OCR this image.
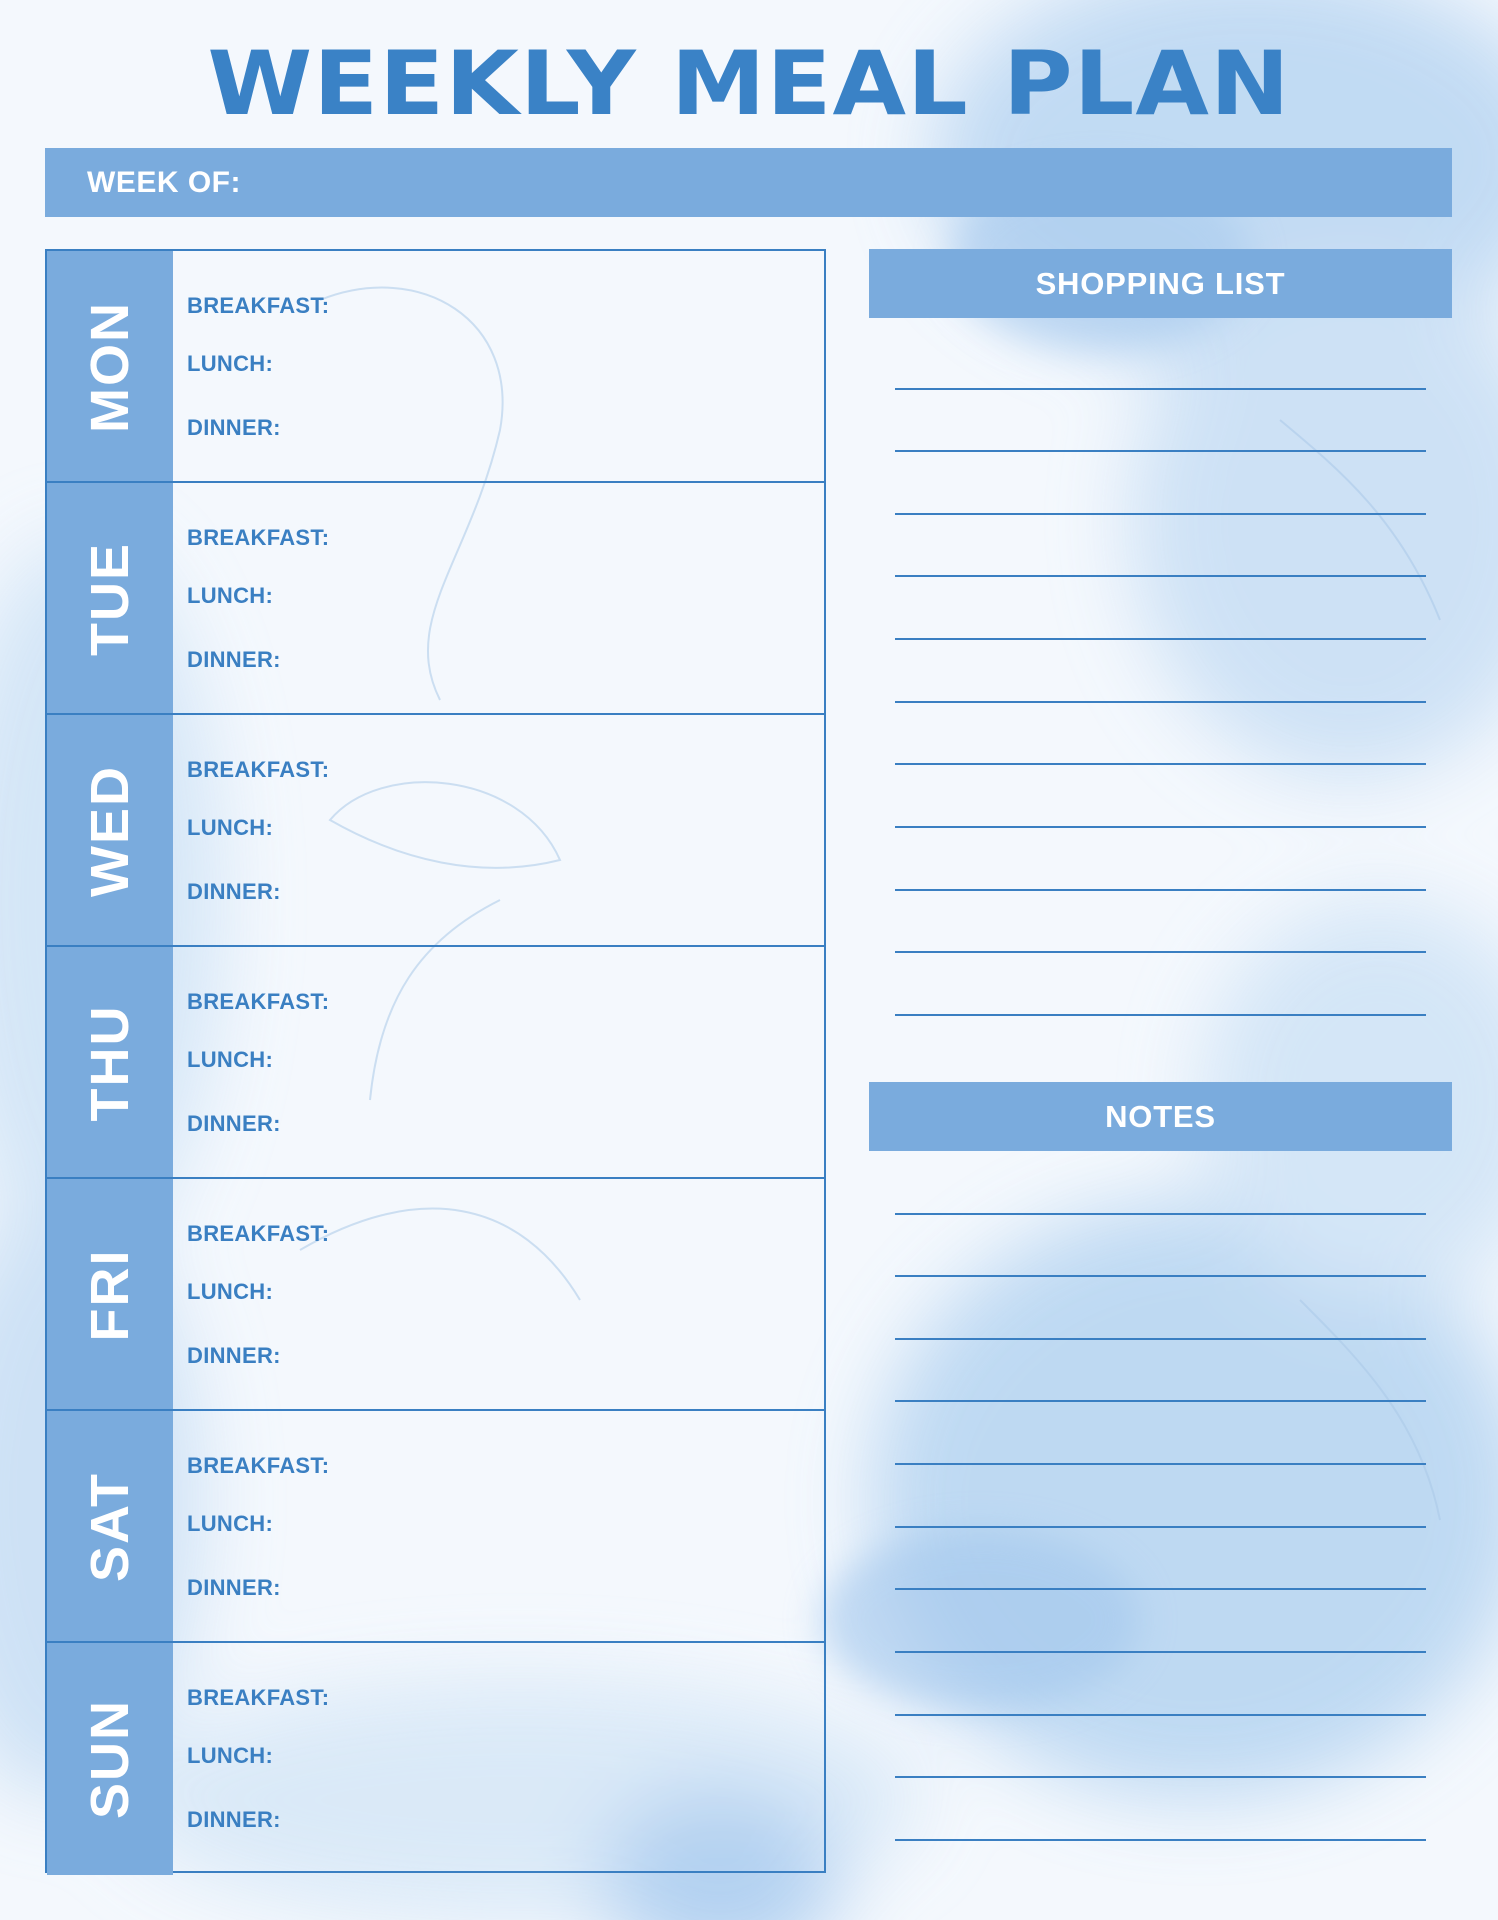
WEEKLY MEAL PLAN
WEEK OF:
MON BREAKFAST:
LUNCH:
DINNER:
TUE
BREAKFAST:
LUNCH:
DINNER:
WED BREAKFAST:
LUNCH:
DINNER:
THU
BREAKFAST:
LUNCH:
DINNER:
FRI
BREAKFAST:
LUNCH:
DINNER:
SAT
BREAKFAST:
LUNCH:
DINNER:
SUN
BREAKFAST:
LUNCH:
DINNER:
SHOPPING LIST
NOTES
